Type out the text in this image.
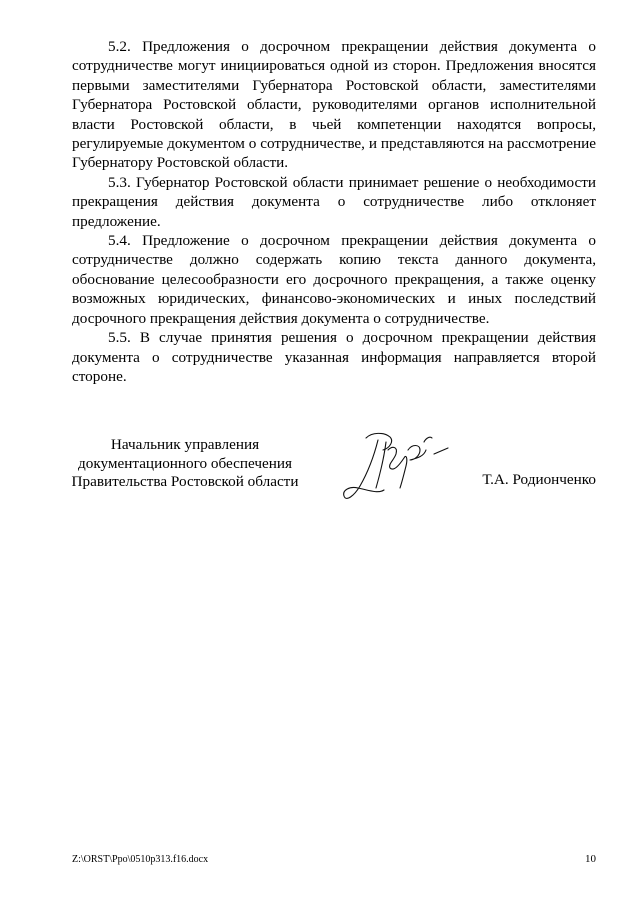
5.2. Предложения о досрочном прекращении действия документа о сотрудничестве могут инициироваться одной из сторон. Предложения вносятся первыми заместителями Губернатора Ростовской области, заместителями Губернатора Ростовской области, руководителями органов исполнительной власти Ростовской области, в чьей компетенции находятся вопросы, регулируемые документом о сотрудничестве, и представляются на рассмотрение Губернатору Ростовской области.

5.3. Губернатор Ростовской области принимает решение о необходимости прекращения действия документа о сотрудничестве либо отклоняет предложение.

5.4. Предложение о досрочном прекращении действия документа о сотрудничестве должно содержать копию текста данного документа, обоснование целесообразности его досрочного прекращения, а также оценку возможных юридических, финансово-экономических и иных последствий досрочного прекращения действия документа о сотрудничестве.

5.5. В случае принятия решения о досрочном прекращении действия документа о сотрудничестве указанная информация направляется второй стороне.

Начальник управления
документационного обеспечения
Правительства Ростовской области	Т.А. Родионченко
Z:\ORST\Ppo\0510p313.f16.docx	10
